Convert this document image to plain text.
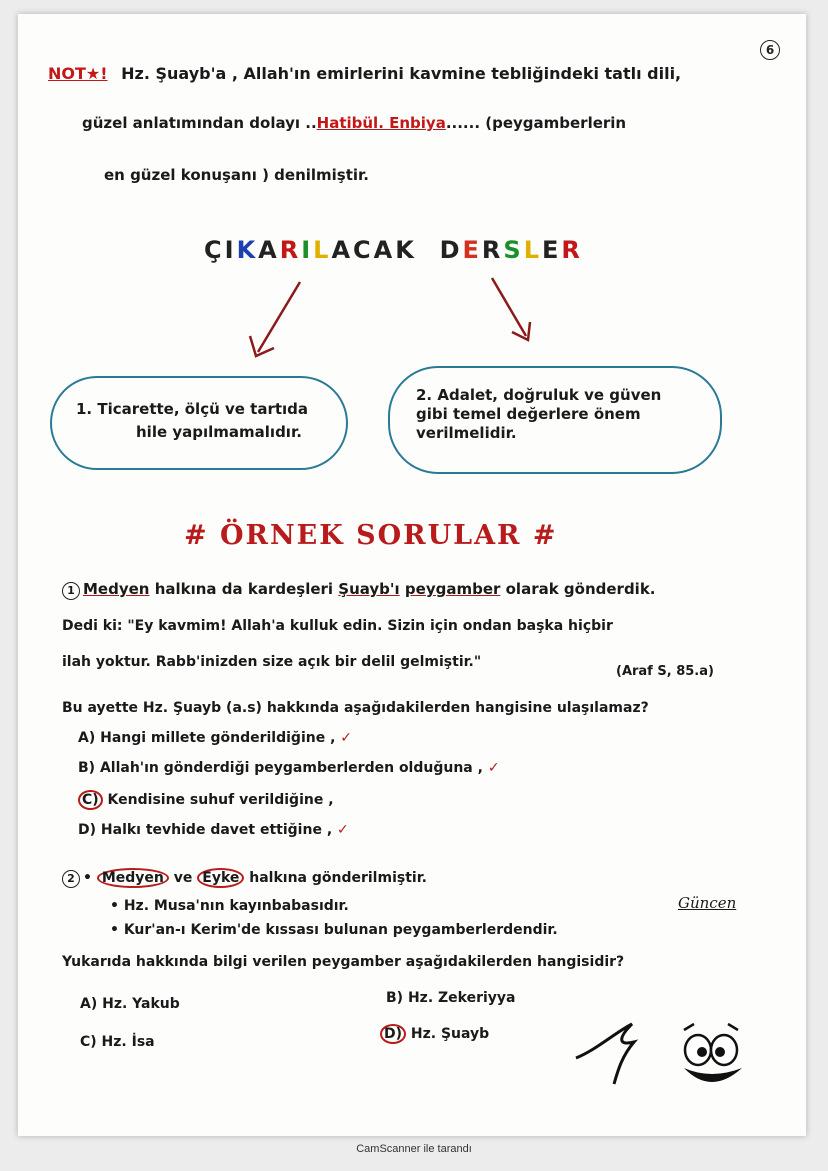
6
NOT★! Hz. Şuayb'a , Allah'ın emirlerini kavmine tebliğindeki tatlı dili,
güzel anlatımından dolayı ..Hatibül. Enbiya...... (peygamberlerin
en güzel konuşanı ) denilmiştir.
ÇIKARILACAK DERSLER
1. Ticarette, ölçü ve tartıda
hile yapılmamalıdır.
2. Adalet, doğruluk ve güven
gibi temel değerlere önem
verilmelidir.
# ÖRNEK SORULAR #
1 Medyen halkına da kardeşleri Şuayb'ı peygamber olarak gönderdik.
Dedi ki: "Ey kavmim! Allah'a kulluk edin. Sizin için ondan başka hiçbir
ilah yoktur. Rabb'inizden size açık bir delil gelmiştir."
(Araf S, 85.a)
Bu ayette Hz. Şuayb (a.s) hakkında aşağıdakilerden hangisine ulaşılamaz?
A) Hangi millete gönderildiğine , ✓
B) Allah'ın gönderdiği peygamberlerden olduğuna , ✓
C) Kendisine suhuf verildiğine ,
D) Halkı tevhide davet ettiğine , ✓
2 • Medyen ve Eyke halkına gönderilmiştir.
• Hz. Musa'nın kayınbabasıdır.
• Kur'an-ı Kerim'de kıssası bulunan peygamberlerdendir.
Güncen
Yukarıda hakkında bilgi verilen peygamber aşağıdakilerden hangisidir?
A) Hz. Yakub	B) Hz. Zekeriyya
C) Hz. İsa	D) Hz. Şuayb
CamScanner ile tarandı
